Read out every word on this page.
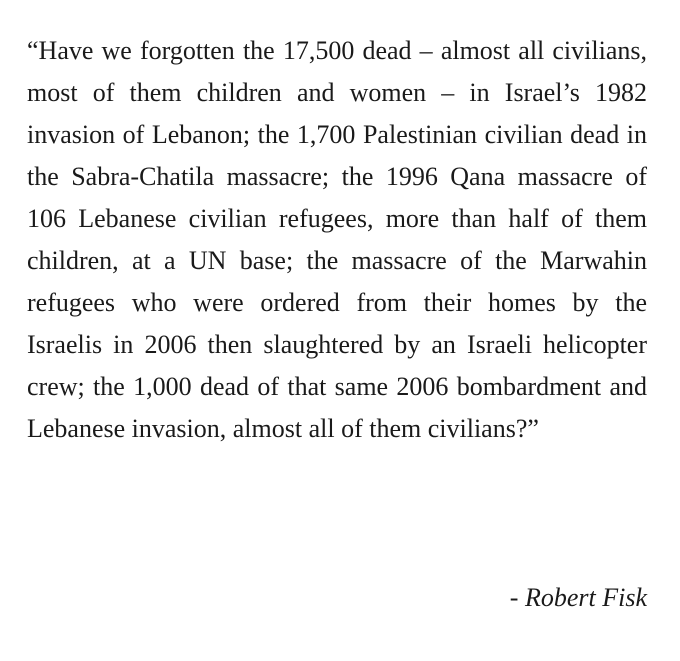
“Have we forgotten the 17,500 dead – almost all civilians, most of them children and women – in Israel’s 1982 invasion of Lebanon; the 1,700 Palestinian civilian dead in the Sabra-Chatila massacre; the 1996 Qana massacre of 106 Lebanese civilian refugees, more than half of them children, at a UN base; the massacre of the Marwahin refugees who were ordered from their homes by the Israelis in 2006 then slaughtered by an Israeli helicopter crew; the 1,000 dead of that same 2006 bombardment and Lebanese invasion, almost all of them civilians?”

- Robert Fisk
